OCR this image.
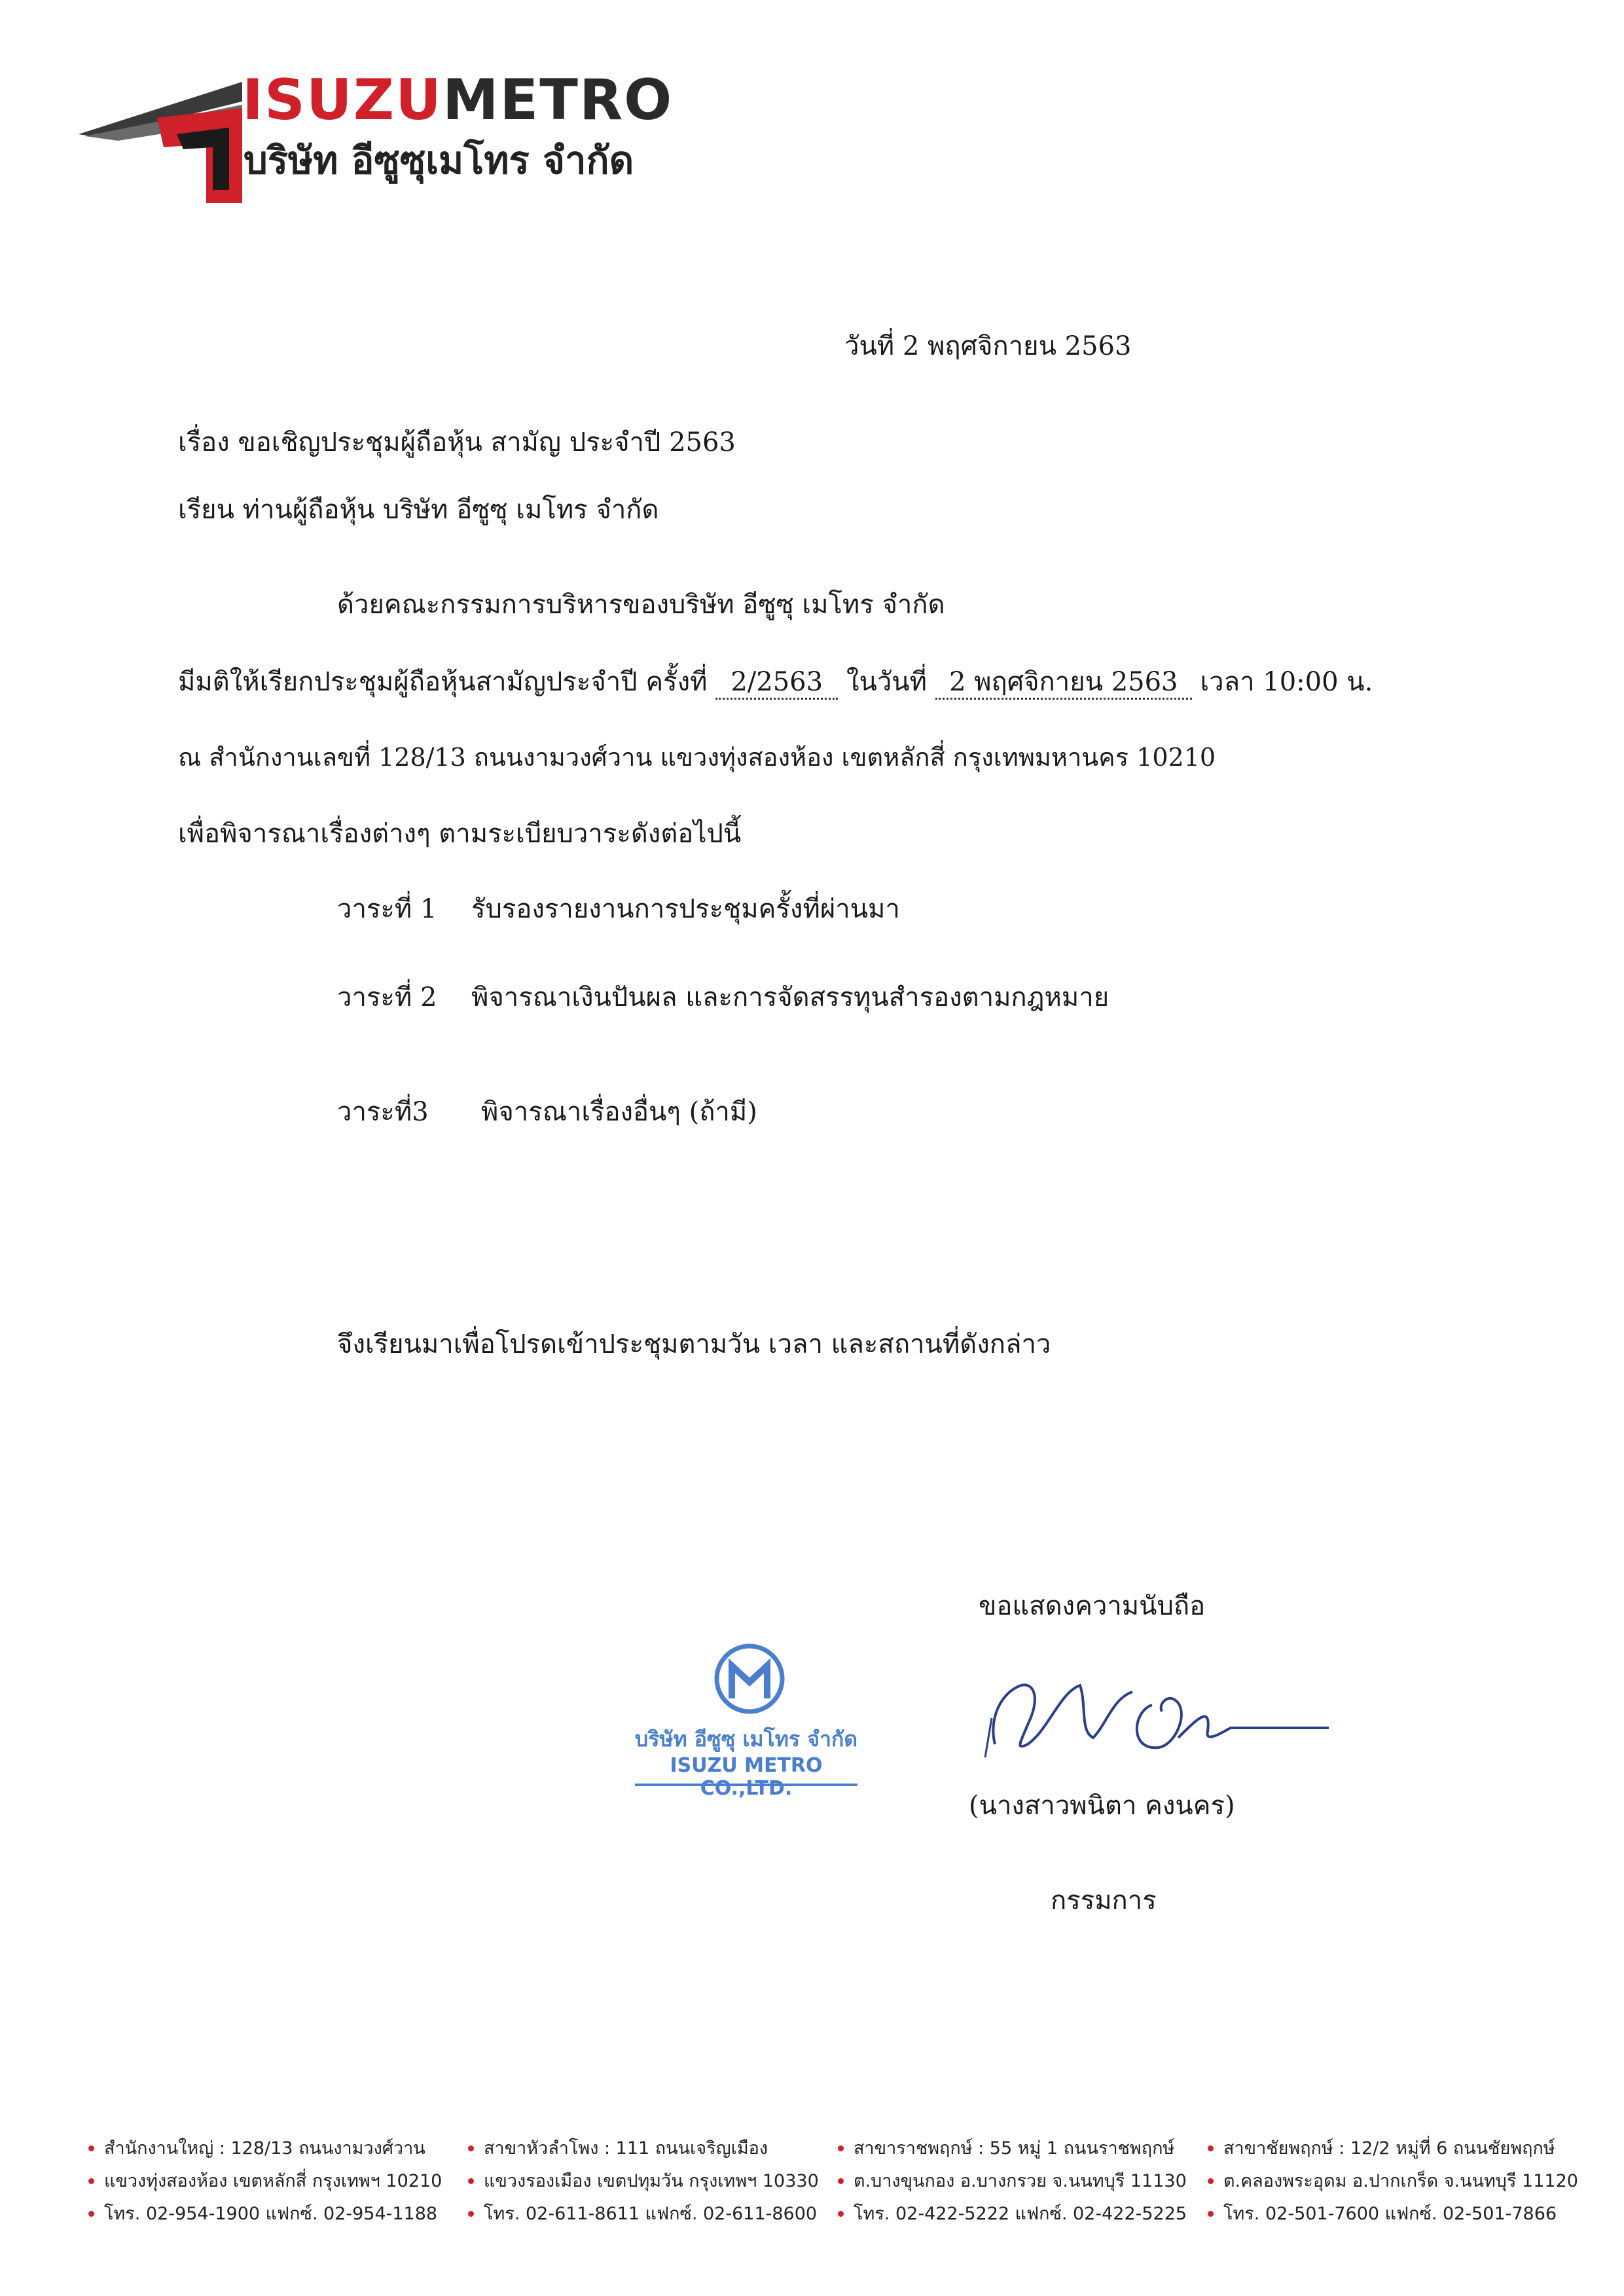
ISUZUMETRO
บริษัท อีซูซุเมโทร จำกัด
วันที่ 2 พฤศจิกายน 2563
เรื่อง ขอเชิญประชุมผู้ถือหุ้น สามัญ ประจำปี 2563
เรียน ท่านผู้ถือหุ้น บริษัท อีซูซุ เมโทร จำกัด
ด้วยคณะกรรมการบริหารของบริษัท อีซูซุ เมโทร จำกัด
มีมติให้เรียกประชุมผู้ถือหุ้นสามัญประจำปี ครั้งที่ 2/2563 ในวันที่ 2 พฤศจิกายน 2563 เวลา 10:00 น.
ณ สำนักงานเลขที่ 128/13 ถนนงามวงศ์วาน แขวงทุ่งสองห้อง เขตหลักสี่ กรุงเทพมหานคร 10210
เพื่อพิจารณาเรื่องต่างๆ ตามระเบียบวาระดังต่อไปนี้
วาระที่ 1 รับรองรายงานการประชุมครั้งที่ผ่านมา
วาระที่ 2 พิจารณาเงินปันผล และการจัดสรรทุนสำรองตามกฎหมาย
วาระที่3 พิจารณาเรื่องอื่นๆ (ถ้ามี)
จึงเรียนมาเพื่อโปรดเข้าประชุมตามวัน เวลา และสถานที่ดังกล่าว
ขอแสดงความนับถือ
(นางสาวพนิตา คงนคร)
กรรมการ
บริษัท อีซูซุ เมโทร จำกัด
ISUZU METRO CO.,LTD.
สำนักงานใหญ่ : 128/13 ถนนงามวงศ์วาน
แขวงทุ่งสองห้อง เขตหลักสี่ กรุงเทพฯ 10210
โทร. 02-954-1900 แฟกซ์. 02-954-1188
สาขาหัวลำโพง : 111 ถนนเจริญเมือง
แขวงรองเมือง เขตปทุมวัน กรุงเทพฯ 10330
โทร. 02-611-8611 แฟกซ์. 02-611-8600
สาขาราชพฤกษ์ : 55 หมู่ 1 ถนนราชพฤกษ์
ต.บางขุนกอง อ.บางกรวย จ.นนทบุรี 11130
โทร. 02-422-5222 แฟกซ์. 02-422-5225
สาขาชัยพฤกษ์ : 12/2 หมู่ที่ 6 ถนนชัยพฤกษ์
ต.คลองพระอุดม อ.ปากเกร็ด จ.นนทบุรี 11120
โทร. 02-501-7600 แฟกซ์. 02-501-7866
